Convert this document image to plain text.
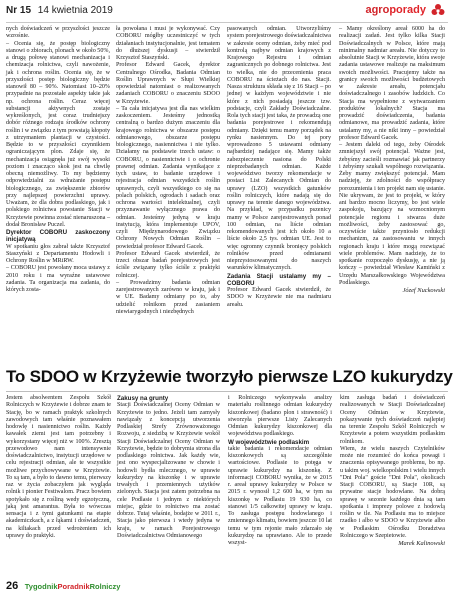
Nr 15 14 kwietnia 2019	agroporady

nych doświadczeń w przyszłości jeszcze wzrośnie.

– Ocenia się, że postęp biologiczny stanowi o zbiorach, plonach w około 50%, a drugą połowę stanowi mechanizacja i chemizacja rolnictwa, czyli nawożenie, jak i ochrona roślin. Ocenia się, że w przyszłości postęp biologiczny będzie stanowił 80 – 90%. Natomiast 10–20% przypadnie na pozostałe aspekty takie jak np. ochrona roślin. Ceraz więcej substancji aktywnych zostaje wykreślonych, jest coraz trudniejszy dobór różnego rodzaju środków ochrony roślin i w związku z tym powstają kłopoty z utrzymaniem plantacji w czystości. Będzie to w przyszłości czynnikiem ograniczającym plon. Zdaje się, że mechanizacja osiągnęła już swój wysoki poziom i znacząco skok jest na chwilę obecną niemożliwy. To my będziemy odpowiedzialni za wdrażanie postępu biologicznego, za zwiększenie zbiorów przy najlepszej powierzchni uprawy. Uważam, że dla dobra podlaskiego, jak i polskiego rolnictwa powstanie Stacji w Krzyżewie powinna zostać nienaruszona – dodał Bronisław Puczel.

Dyrektor COBORU zaskoczony inicjatywą

W spotkaniu głos zabrał także Krzysztof Staszyński z Departamentu Hodowli i Ochrony Roślin w MRiRW.

– COBORU jest powołany moca ustawy z 2010 roku i ma wyraźne ustawowe zadania. Ta organizacja ma zadania, do których zosta-

ła powołana i musi je wykonywać. Czy COBORU mógłby uczestniczyć w tych działaniach instytucjonalnie, jest tematem do dłuższej dyskusji – stwierdził Krzysztof Staszyński.

Profesor Edward Gacek, dyrektor Centralnego Ośrodka, Badania Odmian Roślin Uprawnych w Słupi Wielkiej opowiedział natomiast o realizowanych zadaniach COBORU o znaczeniu SDOO w Krzyżewie.

– Ta cała inicjatywa jest dla nas wielkim zaskoczeniem. Jesteśmy jednostką centralną o bardzo dużym znaczeniu dla krajowego rolnictwa w obszarze postępu odmianowego, obszarze postępu biologicznego, nasiennictwa i nie tylko. Działamy na podstawie trzech ustaw: o COBORU, o nasiennictwie i o ochronie prawnej odmian. Zadania wynikające z tych ustaw, to badanie urzędowe i rejestracja odmian wszystkich roślin uprawnych, czyli wszystkiego co się na polach polskich, ogrodach i sadach oraz ochrona wartości intelektualnej, czyli przyznawanie wyłącznego prawa do odmian. Jesteśmy jedyną w kraju instytucją, która implementuje UPOV, czyli Międzynarodowego Związku Ochrony Nowych Odmian Roślin – powiedział profesor Edward Gacek.

Profesor Edward Gacek stwierdził, że trzeci obszar badań porejestrowych jest ściśle związany tylko ściśle z praktyki rolniczej.

– Prowadzimy badania odmian zarejestrowanych zarówno w kraju, jak i w UE. Badamy odmiany po to, aby udzielić rolnikom przed zasianiem niewiarygodnych i niezbędnych

pasowanych odmian. Utworzyliśmy system porejestrowego doświadczalnictwa w zakresie oceny odmian, żeby mieć pod kontrolą najbyw odmian krajowych z Krajowego Rejestru i odmian zagranicznych po dobnego rolnictwa. Jest to wielka, nie do przecenienia praca COBORU na ścieżach do nas. Stacji. Nasza struktura składa się z 16 Stacji – po jednej w każdym województwie i nie które z nich posiadają jeszcze tzw. podstacje, czyli Zakłady Doświadczalne. Rola tych stacji jest taka, że prowadzą one badania porejestrowe i rekomendują odmiany. Dzięki temu mamy porządek na rynku nasiennym. Do tej pory wprowadzono 5 ustawami odmiany najbardziej nadające się. Mamy także zabezpieczenie nasiona do Polski nieprzebadanych odmian. Każde województwo tworzy rekomendacje w postaci List Zalecanych Odmian do uprawy (LZO) wszystkich gatunków roślin rolniczych, które nadają się do uprawy na terenie danego województwa. Na przykład, w przypadku pszenicy mamy w Polsce zarejestrowanych ponad 100 odmian, na liście odmian rekomendowanych jest ich około 10 a liście około 2,5 tys. odmian UE. Jest to więc ogromny czynnik bronięcy polskich rolników przed odmianami nieprzystosowanymi do naszych warunków klimatycznych.

Zadania Stacji ustalamy my – COBORU

Profesor Edward Gacek stwierdził, że SDOO w Krzyżewie nie ma nadmiaru areału.

– Mamy określony areał 6000 ha do realizacji zadań. Jest tylko kilka Stacji Doświadczalnych w Polsce, które mają minimalny nadmiar areału. Nie dotyczy to absolutnie Stacji w Krzyżewie, która swoje zadania ustawowe realizuje na maksimum swoich możliwości. Pracujemy także na granicy swoich możliwości budżetowych w zakresie areału, potencjału doświadczalnego i zasobów ludzkich. Co Stacja ma wypełnione z wytwarzaniem produktów lokalnych? Stacja ma prowadzić doświadczenia, badania odmianowe, ma prowadzić zadania, które ustalamy my, a nie nikt inny – powiedział profesor Edward Gacek.

– Jestem daleki od tego, żeby Ośrodek zmniejszył swój potencjał. Ważne jest, żebyśmy zacieśli rozmawiać jak partnerzy i żebyśmy szukali wspólnego rozwiązania. Żeby mamy zwiększyć potencjał. Mam nadzieję, że zdolności do współpracy porozumienia i ten projekt nam się ustanie. Nie ukrywam, że jest to projekt, w który ani bardzo mocno liczymy, bo jest wiele zaspokoju, bazujący na wzmocnionym potencjale regionu i stwarza duże możliwości, żeby zastosować go, oczywiście także przyniosło redukcji mechanizm, za zastosowaniu w innych regionach kraju i które mogą rozwiązać wiele problemów. Mam nadzieję, że to spotkanie rozpoczęło dyskusję, a nie ją kończy – powiedział Wiesław Kamiński z Urzędu Marszałkowskiego Województwa Podlaskiego.

Józef Nuckowski

To SDOO w Krzyżewie tworzyło pierwsze LZO kukurydzy

Jestem absolwentem Zespołu Szkół Rolniczych w Krzyżewie i dobrze znam te Stację, bo w ramach praktyk szkolnych zawodowych tam właśnie poznawałem hodowlę i nasiennictwo roślin. Każdy kawałek ziemi jest tam potrzebny i wykorzystany więcej niż w 100%. Zresztą przewodowo nam intensywnie doświadczalnictwo, instytucji urzędowe w celu rejestracji odmian, ale te wszystkie możliwe przychowywane w Krzyżewie. To są tam, a było to dawno temu, pierwszy raz w życia zobaczyłem jak wygląda rolnik i pionier Festiwalom. Pracz bowiem spotykało się z rośliną wedy egzotyczną, jaką jest amarantus. Była to wówczas sensacja i z tymi gatunkami na etapie akademiczkach, a z łąkami i doświadczeń, na kiltakach przed wdrożeniem ich uprawy do praktyki.

Zakusy na grunty

Stacji Doświadczalnej Oceny Odmian w Krzyżewie to jedno. Jeżeli tam zamysły nawiązały z koncepcją utworzenia Podlaskiej Strefy Zrównoważonego Rozwoju, z siedzibą w Krzyżewie wokół Stacji Doświadczalnej Oceny Odmian w Krzyżewie, będzie to dobrymia strona dla podlaskiego rolnictwa. Jak każdy wie, jest ono wyspecjalizowane w chowie i hodowli bydła mlecznego, w uprawie kukurydzy na kiszonkę i w uprawie trwałych i przemiennych użytków zielonych. Stacja jest zatem potrzebna na cele Podlasie i jednym z niektórych miejsc, gdzie to rolnictwo ma zostać dobrze. Tutaj właśnie, bodajże w 2011 r., Stacja jako pierwsza i wtedy jedyna w kraju, w ramach Porejestrowego Doświadczalnictwa Odmianowego

i Rolniczego wykonywała analizy materiału roślinnego odmian kukurydzy kiszonkowej (badano plon i strawność) i stworzyła pierwsze Listy Zalecanych Odmian kukurydzy kiszonkowej dla województwa podlaskiego.

W województwie podlaskim

takie badania i rekomendacje odmian kiszonkowych są szczególnie wartościowe. Podlasie to potęga w uprawie kukurydzy na kiszonkę. Z informacji COBORU wynika, że w 2015 r. areał uprawy kukurydzy w Polsce w 2015 r. wynosił 1,2 600 ha, w tym na kiszonkę w Podlasiu 19 930 ha, co stanowi 1/5 całkowitej uprawy w kraju. To zasługa postępu hodowlanego i zmiennego klimatu, bowiem jeszcze 10 lat temu w tym rejonie mało zdarzało się kukurydzę na uprawiano. Ale to przede wszyst-

kim zasługa badań i doświadczeń realizowanych w Stacji Doświadczalnej Oceny Odmian w Krzyżewie, pokazywanie tych doświadczeń najlepiej na terenie Zespołu Szkół Rolniczych w Krzyżewie a potem wszystkim podlaskim rolnikom.

Wiem, że wielu naszych Czytelników może nie rozumieć do końca powagi i znaczenia opisywanego problemu, bo np. u takim woj. wielkopolskim i wielu innych "Dni Pola" goście "Dni Pola", okolicach Stacji COBORU, są Stacje 10R, są prywatne stacje hodowlane. Na dobrą sprawę w sezonie każdego dnia są tam spotkania i imprezy polowe z hodowlą roślin w tle. Na Podlasiu ma to miejsce rzadko i albo w SDOO w Krzyżewie albo w Podlaskim Ośrodku Doradztwa Rolniczego w Szepietowie.

Marek Kalinowski

26 TygodnikPoradnikRolniczy
